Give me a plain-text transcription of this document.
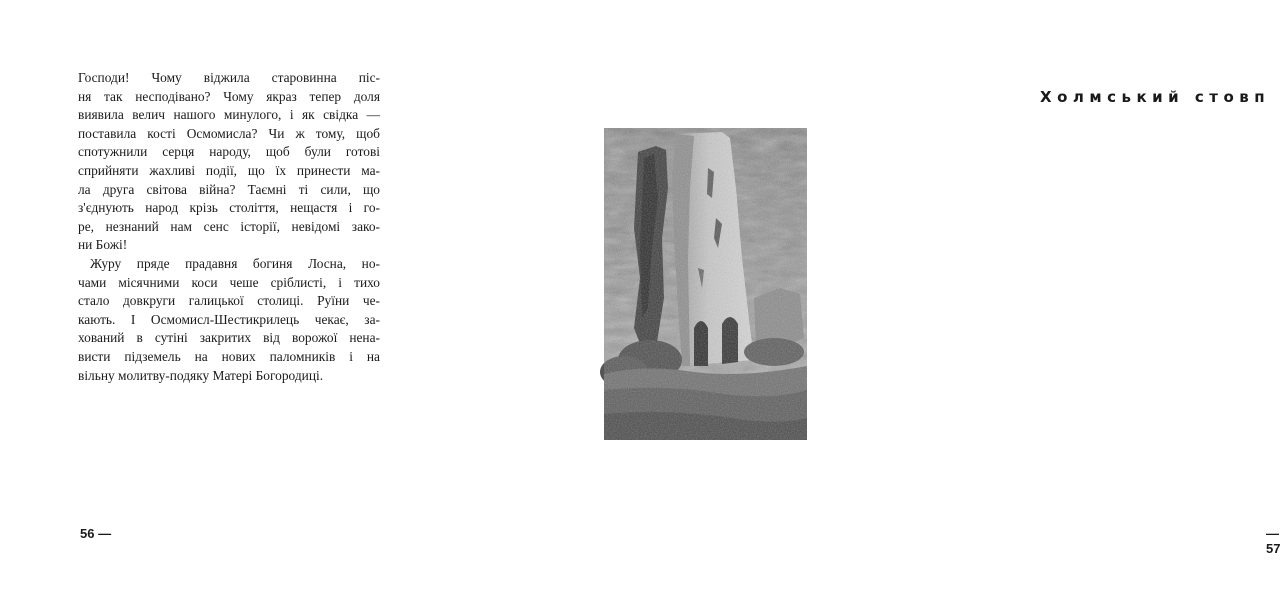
Господи! Чому віджила старовинна піс-
ня так несподівано? Чому якраз тепер доля
виявила велич нашого минулого, і як свідка —
поставила кості Осмомисла? Чи ж тому, щоб
спотужнили серця народу, щоб були готові
сприйняти жахливі події, що їх принести ма-
ла друга світова війна? Таємні ті сили, що
з'єднують народ крізь століття, нещастя і го-
ре, незнаний нам сенс історії, невідомі зако-
ни Божі!
Журу пряде прадавня богиня Лосна, но-
чами місячними коси чеше сріблисті, і тихо
стало довкруги галицької столиці. Руїни че-
кають. І Осмомисл-Шестикрилець чекає, за-
хований в сутіні закритих від ворожої нена-
висти підземель на нових паломників і на
вільну молитву-подяку Матері Богородиці.
56 —
Холмський стовп
— 57
